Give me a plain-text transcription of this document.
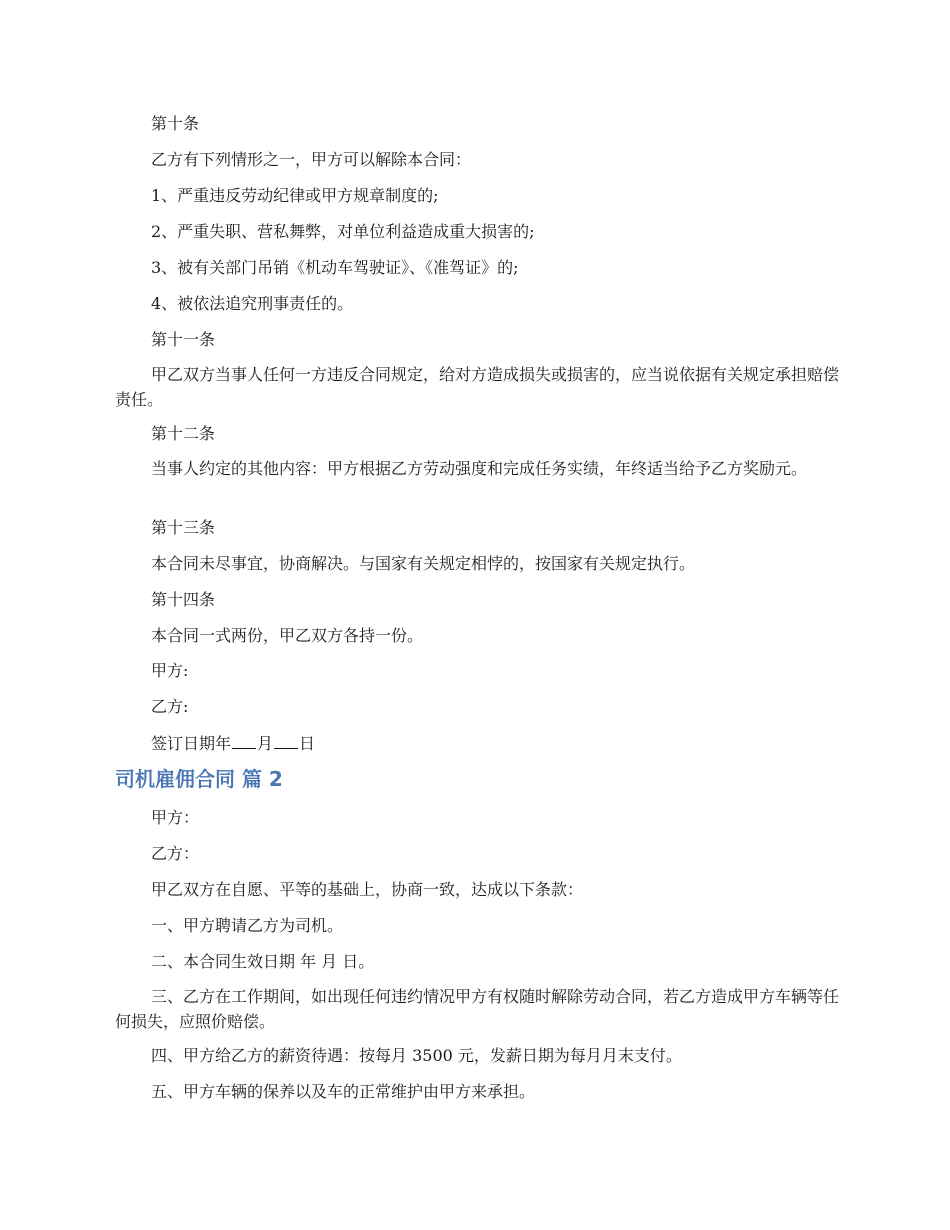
第十条

乙方有下列情形之一，甲方可以解除本合同：

1、严重违反劳动纪律或甲方规章制度的;

2、严重失职、营私舞弊，对单位利益造成重大损害的;

3、被有关部门吊销《机动车驾驶证》、《准驾证》的;

4、被依法追究刑事责任的。

第十一条

甲乙双方当事人任何一方违反合同规定，给对方造成损失或损害的，应当说依据有关规定承担赔偿责任。

第十二条

当事人约定的其他内容：甲方根据乙方劳动强度和完成任务实绩，年终适当给予乙方奖励元。

第十三条

本合同未尽事宜，协商解决。与国家有关规定相悖的，按国家有关规定执行。

第十四条

本合同一式两份，甲乙双方各持一份。

甲方:

乙方:

签订日期年 月 日

司机雇佣合同 篇 2

甲方：

乙方：

甲乙双方在自愿、平等的基础上，协商一致，达成以下条款：

一、甲方聘请乙方为司机。

二、本合同生效日期 年 月 日。

三、乙方在工作期间，如出现任何违约情况甲方有权随时解除劳动合同，若乙方造成甲方车辆等任何损失，应照价赔偿。

四、甲方给乙方的薪资待遇：按每月 3500 元，发薪日期为每月月末支付。

五、甲方车辆的保养以及车的正常维护由甲方来承担。
